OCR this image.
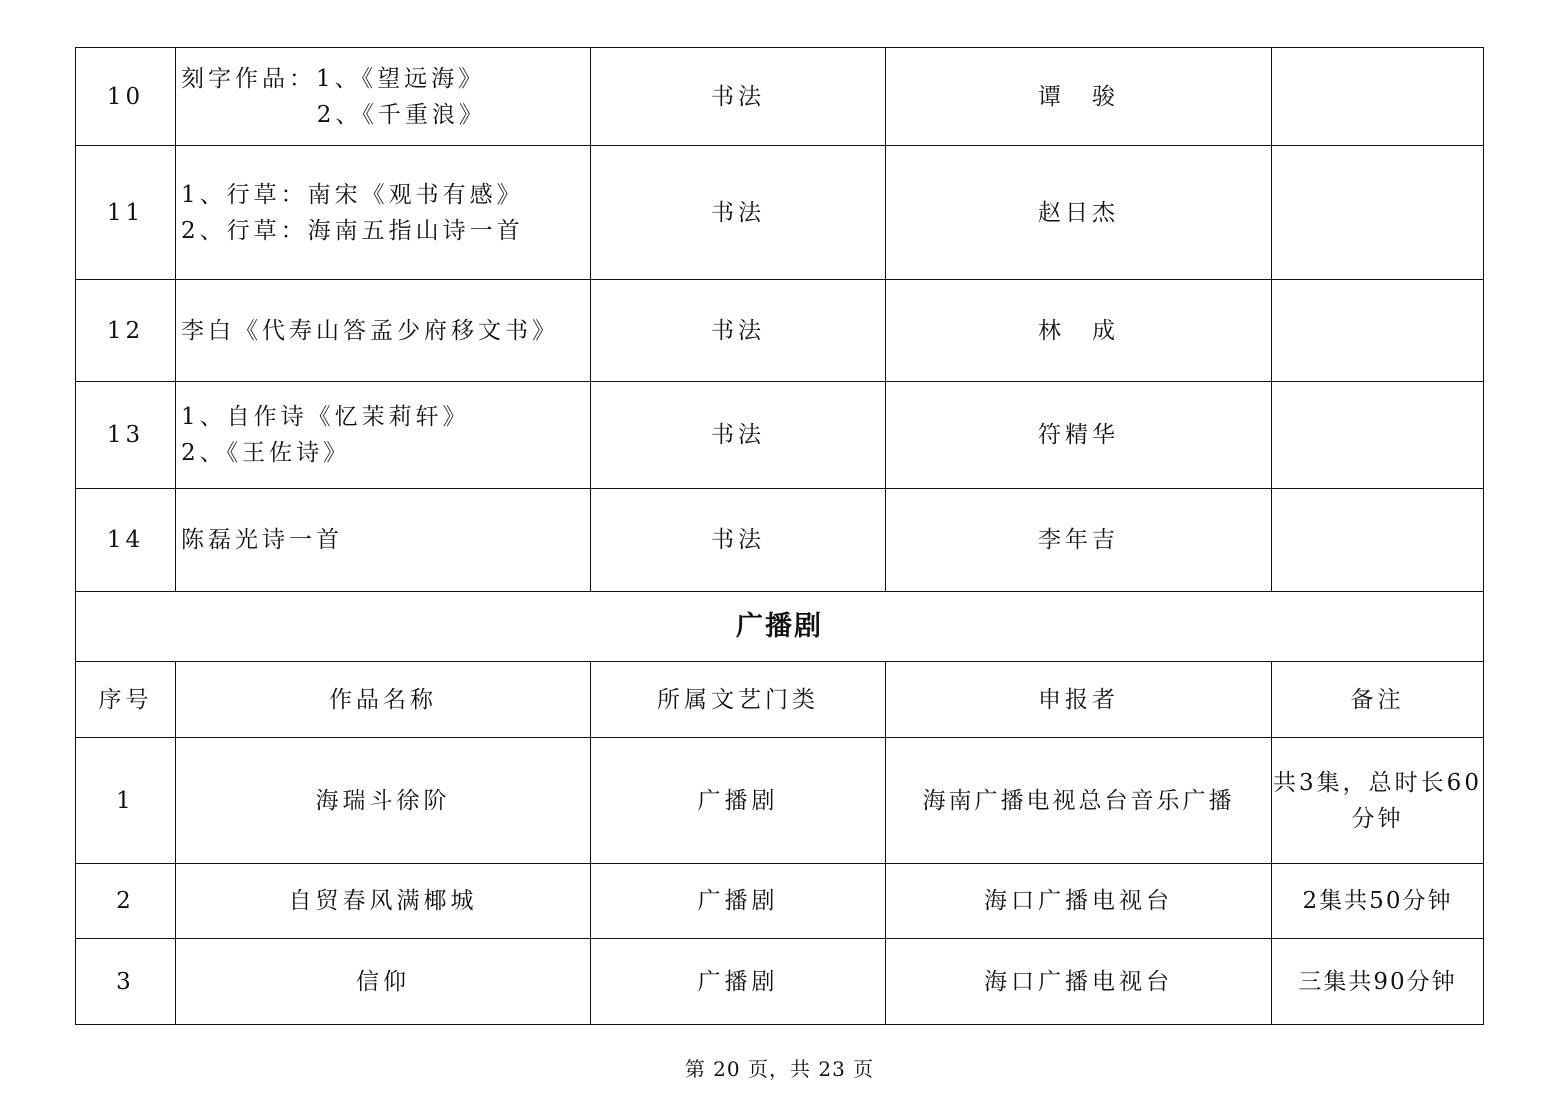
10	刻字作品：1、《望远海》
2、《千重浪》	书法	谭　骏	
11	1、行草：南宋《观书有感》
2、行草：海南五指山诗一首	书法	赵日杰	
12	李白《代寿山答孟少府移文书》	书法	林　成	
13	1、自作诗《忆茉莉轩》
2、《王佐诗》	书法	符精华	
14	陈磊光诗一首	书法	李年吉	
广播剧				
序号	作品名称	所属文艺门类	申报者	备注
1	海瑞斗徐阶	广播剧	海南广播电视总台音乐广播	共3集，总时长60
分钟

2	自贸春风满椰城	广播剧	海口广播电视台	2集共50分钟

3	信仰	广播剧	海口广播电视台	三集共90分钟
第 20 页，共 23 页
